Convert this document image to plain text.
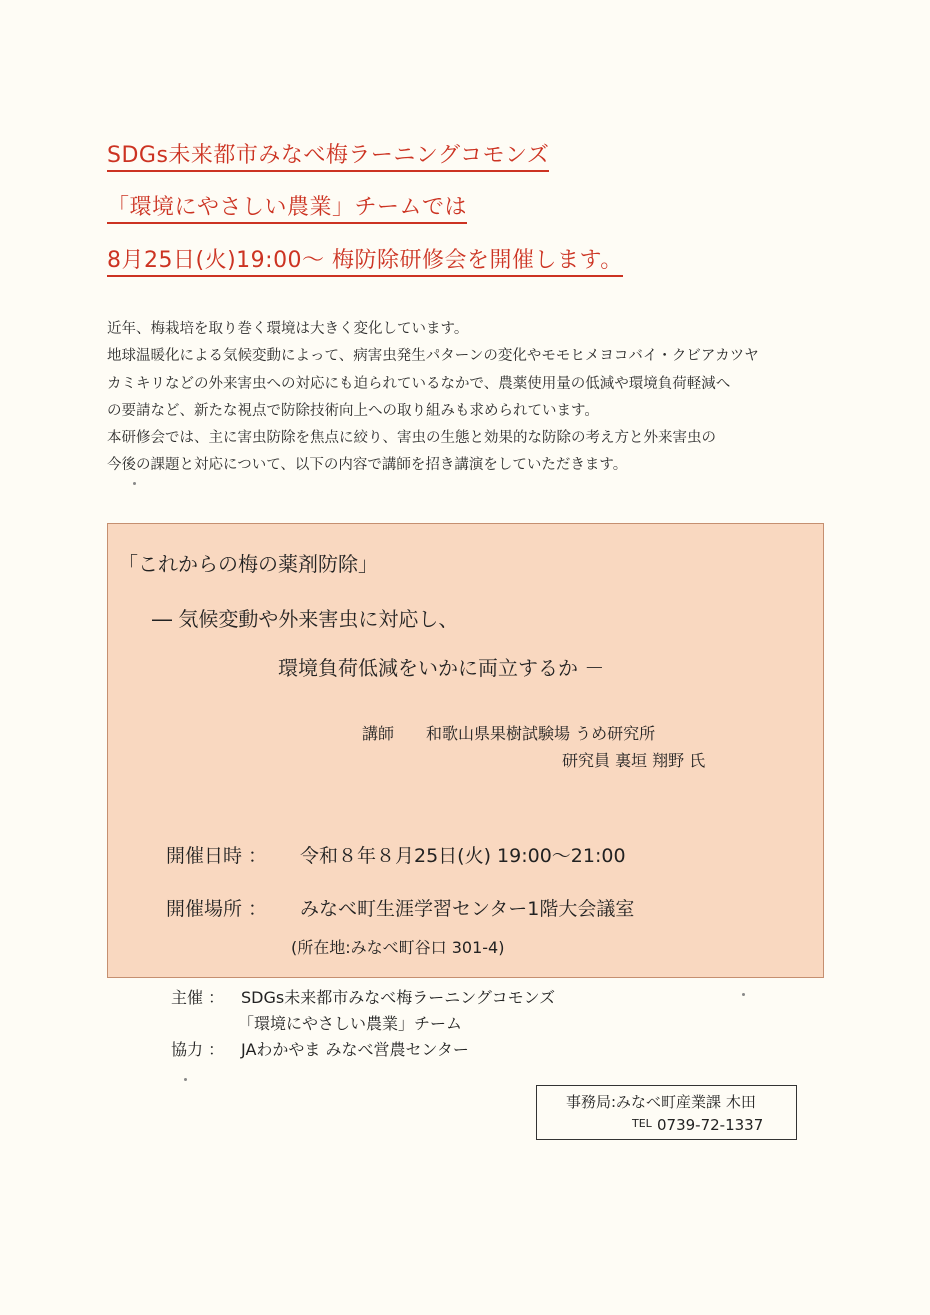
SDGs未来都市みなべ梅ラーニングコモンズ
「環境にやさしい農業」チームでは
8月25日(火)19:00～ 梅防除研修会を開催します。
近年、梅栽培を取り巻く環境は大きく変化しています。
地球温暖化による気候変動によって、病害虫発生パターンの変化やモモヒメヨコバイ・クビアカツヤ
カミキリなどの外来害虫への対応にも迫られているなかで、農薬使用量の低減や環境負荷軽減へ
の要請など、新たな視点で防除技術向上への取り組みも求められています。
本研修会では、主に害虫防除を焦点に絞り、害虫の生態と効果的な防除の考え方と外来害虫の
今後の課題と対応について、以下の内容で講師を招き講演をしていただきます。
「これからの梅の薬剤防除」
― 気候変動や外来害虫に対応し、
環境負荷低減をいかに両立するか －
講師 和歌山県果樹試験場 うめ研究所
研究員 裏垣 翔野 氏
開催日時 ： 令和８年８月25日(火) 19:00～21:00
開催場所 ： みなべ町生涯学習センター1階大会議室
(所在地:みなべ町谷口 301-4)
主催 ： SDGs未来都市みなべ梅ラーニングコモンズ
「環境にやさしい農業」チーム
協力 ： JAわかやま みなべ営農センター
事務局:みなべ町産業課 木田
TEL 0739-72-1337
